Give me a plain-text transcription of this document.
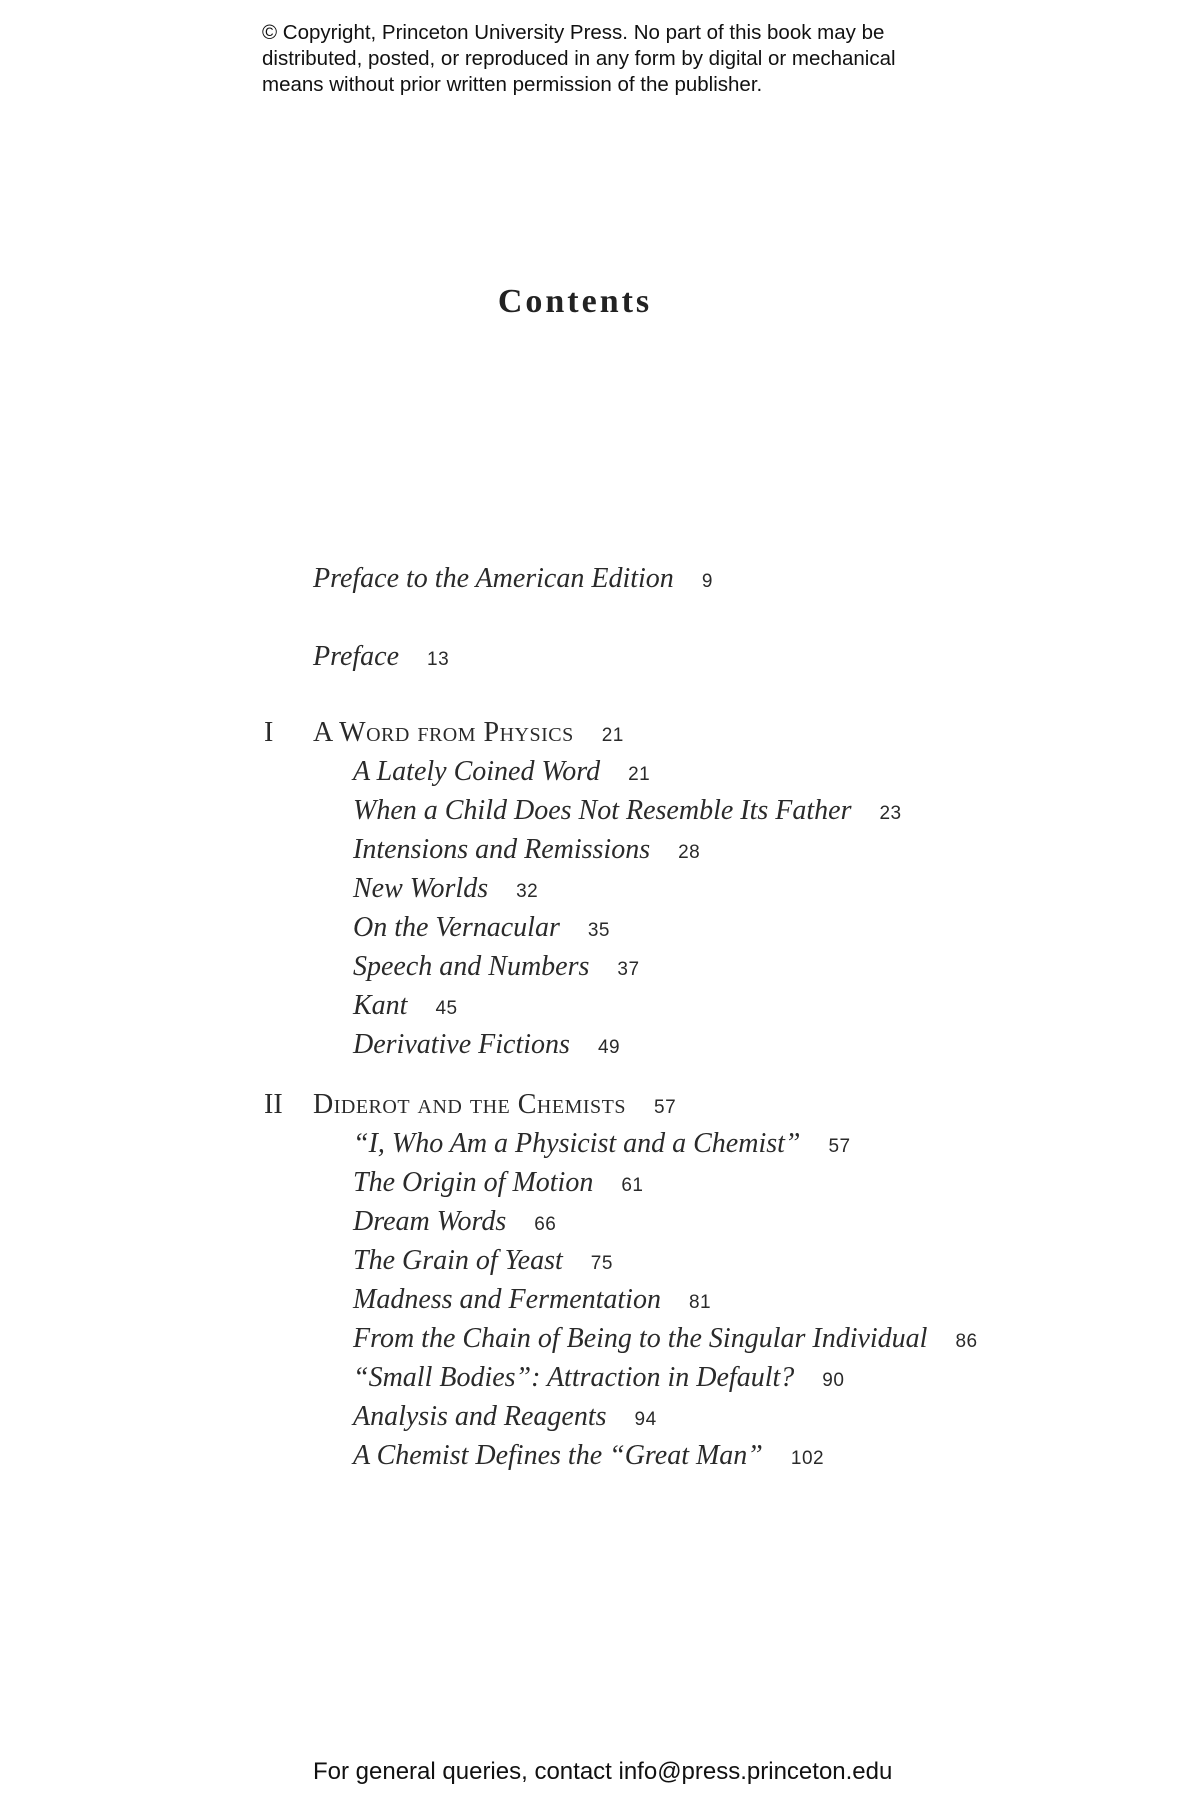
© Copyright, Princeton University Press. No part of this book may be
distributed, posted, or reproduced in any form by digital or mechanical
means without prior written permission of the publisher.
Contents
Preface to the American Edition 9
Preface 13
I A Word from Physics 21
A Lately Coined Word 21
When a Child Does Not Resemble Its Father 23
Intensions and Remissions 28
New Worlds 32
On the Vernacular 35
Speech and Numbers 37
Kant 45
Derivative Fictions 49
II Diderot and the Chemists 57
“I, Who Am a Physicist and a Chemist” 57
The Origin of Motion 61
Dream Words 66
The Grain of Yeast 75
Madness and Fermentation 81
From the Chain of Being to the Singular Individual 86
“Small Bodies”: Attraction in Default? 90
Analysis and Reagents 94
A Chemist Defines the “Great Man” 102
For general queries, contact info@press.princeton.edu
